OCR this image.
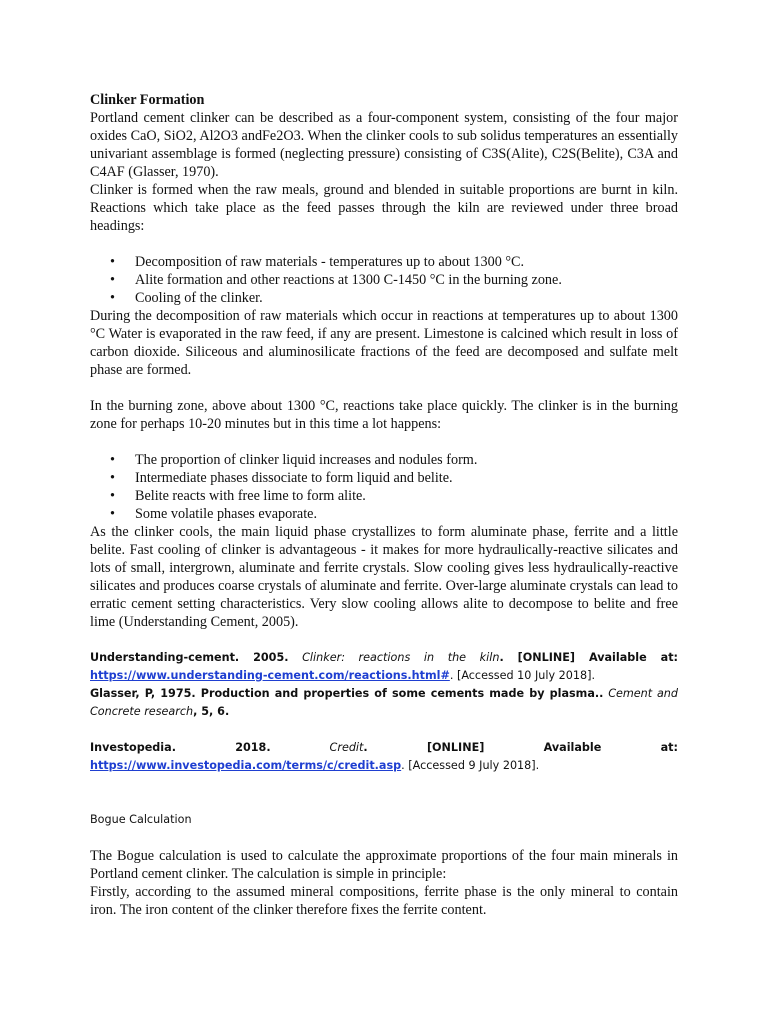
Clinker Formation

Portland cement clinker can be described as a four-component system, consisting of the four major oxides CaO, SiO2, Al2O3 andFe2O3. When the clinker cools to sub solidus temperatures an essentially univariant assemblage is formed (neglecting pressure) consisting of C3S(Alite), C2S(Belite), C3A and C4AF (Glasser, 1970).

Clinker is formed when the raw meals, ground and blended in suitable proportions are burnt in kiln. Reactions which take place as the feed passes through the kiln are reviewed under three broad headings:

• Decomposition of raw materials - temperatures up to about 1300 °C.
• Alite formation and other reactions at 1300 C-1450 °C in the burning zone.
• Cooling of the clinker.

During the decomposition of raw materials which occur in reactions at temperatures up to about 1300 °C Water is evaporated in the raw feed, if any are present. Limestone is calcined which result in loss of carbon dioxide. Siliceous and aluminosilicate fractions of the feed are decomposed and sulfate melt phase are formed.

In the burning zone, above about 1300 °C, reactions take place quickly. The clinker is in the burning zone for perhaps 10-20 minutes but in this time a lot happens:

• The proportion of clinker liquid increases and nodules form.
• Intermediate phases dissociate to form liquid and belite.
• Belite reacts with free lime to form alite.
• Some volatile phases evaporate.

As the clinker cools, the main liquid phase crystallizes to form aluminate phase, ferrite and a little belite. Fast cooling of clinker is advantageous - it makes for more hydraulically-reactive silicates and lots of small, intergrown, aluminate and ferrite crystals. Slow cooling gives less hydraulically-reactive silicates and produces coarse crystals of aluminate and ferrite. Over-large aluminate crystals can lead to erratic cement setting characteristics. Very slow cooling allows alite to decompose to belite and free lime (Understanding Cement, 2005).

Understanding-cement. 2005. Clinker: reactions in the kiln. [ONLINE] Available at: https://www.understanding-cement.com/reactions.html#. [Accessed 10 July 2018].

Glasser, P, 1975. Production and properties of some cements made by plasma.. Cement and Concrete research, 5, 6.

Investopedia. 2018.	Credit. [ONLINE] Available at: https://www.investopedia.com/terms/c/credit.asp. [Accessed 9 July 2018].

Bogue Calculation

The Bogue calculation is used to calculate the approximate proportions of the four main minerals in Portland cement clinker. The calculation is simple in principle:

Firstly, according to the assumed mineral compositions, ferrite phase is the only mineral to contain iron. The iron content of the clinker therefore fixes the ferrite content.
